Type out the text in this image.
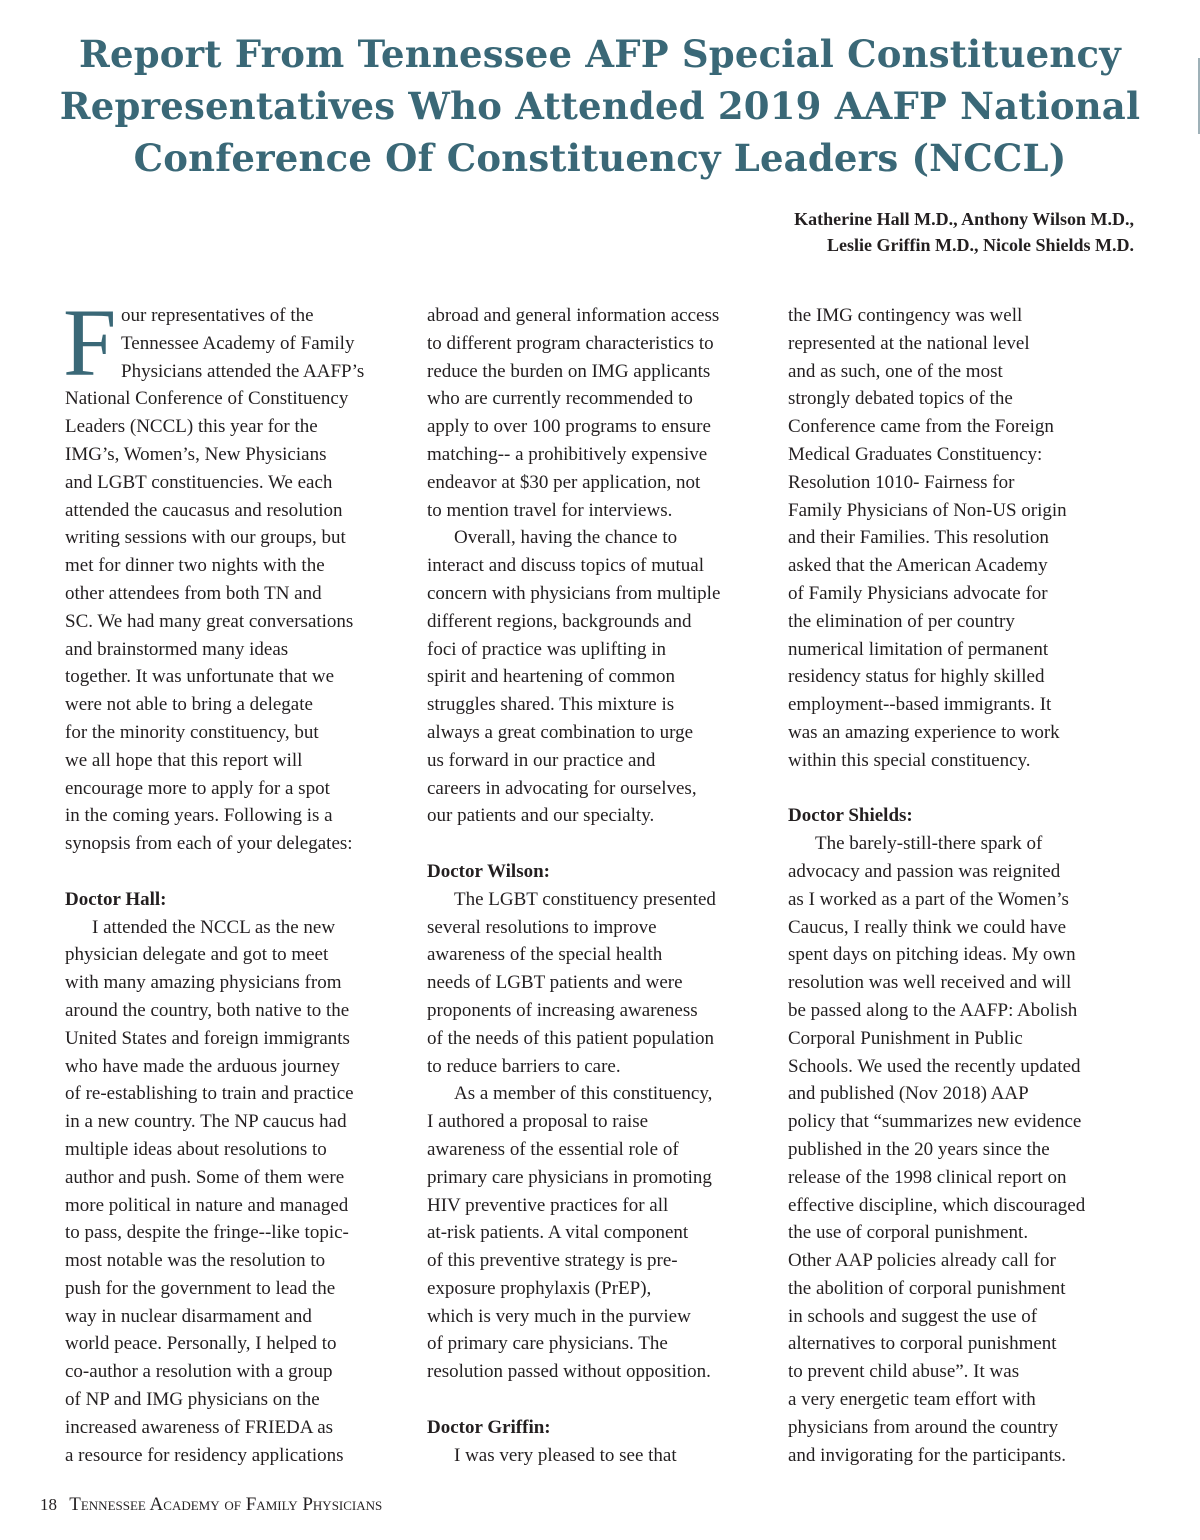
Report From Tennessee AFP Special Constituency
Representatives Who Attended 2019 AAFP National
Conference Of Constituency Leaders (NCCL)
Katherine Hall M.D., Anthony Wilson M.D.,
Leslie Griffin M.D., Nicole Shields M.D.
F our representatives of the
Tennessee Academy of Family
Physicians attended the AAFP’s
National Conference of Constituency
Leaders (NCCL) this year for the
IMG’s, Women’s, New Physicians
and LGBT constituencies. We each
attended the caucasus and resolution
writing sessions with our groups, but
met for dinner two nights with the
other attendees from both TN and
SC. We had many great conversations
and brainstormed many ideas
together. It was unfortunate that we
were not able to bring a delegate
for the minority constituency, but
we all hope that this report will
encourage more to apply for a spot
in the coming years. Following is a
synopsis from each of your delegates:
Doctor Hall:
I attended the NCCL as the new
physician delegate and got to meet
with many amazing physicians from
around the country, both native to the
United States and foreign immigrants
who have made the arduous journey
of re-establishing to train and practice
in a new country. The NP caucus had
multiple ideas about resolutions to
author and push. Some of them were
more political in nature and managed
to pass, despite the fringe--like topic-
most notable was the resolution to
push for the government to lead the
way in nuclear disarmament and
world peace. Personally, I helped to
co-author a resolution with a group
of NP and IMG physicians on the
increased awareness of FRIEDA as
a resource for residency applications
abroad and general information access
to different program characteristics to
reduce the burden on IMG applicants
who are currently recommended to
apply to over 100 programs to ensure
matching-- a prohibitively expensive
endeavor at $30 per application, not
to mention travel for interviews.
Overall, having the chance to
interact and discuss topics of mutual
concern with physicians from multiple
different regions, backgrounds and
foci of practice was uplifting in
spirit and heartening of common
struggles shared. This mixture is
always a great combination to urge
us forward in our practice and
careers in advocating for ourselves,
our patients and our specialty.
Doctor Wilson:
The LGBT constituency presented
several resolutions to improve
awareness of the special health
needs of LGBT patients and were
proponents of increasing awareness
of the needs of this patient population
to reduce barriers to care.
As a member of this constituency,
I authored a proposal to raise
awareness of the essential role of
primary care physicians in promoting
HIV preventive practices for all
at-risk patients. A vital component
of this preventive strategy is pre-
exposure prophylaxis (PrEP),
which is very much in the purview
of primary care physicians. The
resolution passed without opposition.
Doctor Griffin:
I was very pleased to see that
the IMG contingency was well
represented at the national level
and as such, one of the most
strongly debated topics of the
Conference came from the Foreign
Medical Graduates Constituency:
Resolution 1010- Fairness for
Family Physicians of Non-US origin
and their Families. This resolution
asked that the American Academy
of Family Physicians advocate for
the elimination of per country
numerical limitation of permanent
residency status for highly skilled
employment--based immigrants. It
was an amazing experience to work
within this special constituency.
Doctor Shields:
The barely-still-there spark of
advocacy and passion was reignited
as I worked as a part of the Women’s
Caucus, I really think we could have
spent days on pitching ideas. My own
resolution was well received and will
be passed along to the AAFP: Abolish
Corporal Punishment in Public
Schools. We used the recently updated
and published (Nov 2018) AAP
policy that “summarizes new evidence
published in the 20 years since the
release of the 1998 clinical report on
effective discipline, which discouraged
the use of corporal punishment.
Other AAP policies already call for
the abolition of corporal punishment
in schools and suggest the use of
alternatives to corporal punishment
to prevent child abuse”. It was
a very energetic team effort with
physicians from around the country
and invigorating for the participants.
18 Tennessee Academy of Family Physicians
